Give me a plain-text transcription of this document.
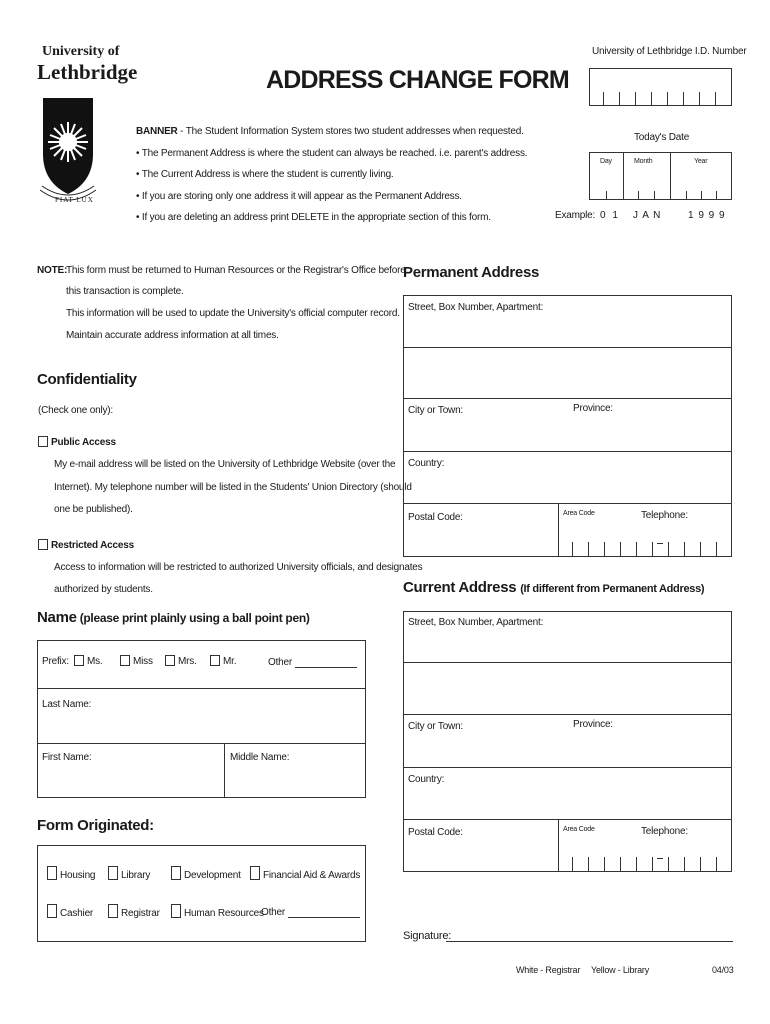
University of
Lethbridge
FIAT LUX
ADDRESS CHANGE FORM
University of Lethbridge I.D. Number
BANNER - The Student Information System stores two student addresses when requested.
• The Permanent Address is where the student can always be reached. i.e. parent's address.
• The Current Address is where the student is currently living.
• If you are storing only one address it will appear as the Permanent Address.
• If you are deleting an address print DELETE in the appropriate section of this form.
Today's Date
Day	Month	Year
Example: 0 1 J A N	1 9 9 9
NOTE:
This form must be returned to Human Resources or the Registrar's Office before
this transaction is complete.
This information will be used to update the University's official computer record.
Maintain accurate address information at all times.
Confidentiality
(Check one only):
Public Access
My e-mail address will be listed on the University of Lethbridge Website (over the
Internet). My telephone number will be listed in the Students' Union Directory (should
one be published).
Restricted Access
Access to information will be restricted to authorized University officials, and designates
authorized by students.
Name (please print plainly using a ball point pen)
Prefix:	Ms.	Miss	Mrs.	Mr.	Other
Last Name:
First Name:	Middle Name:
Form Originated:
Housing	Library	Development	Financial Aid & Awards
Cashier	Registrar	Human Resources
Other
Permanent Address
Street, Box Number, Apartment:
City or Town:	Province:
Country:
Postal Code:	Area Code	Telephone:
Current Address (If different from Permanent Address)
Street, Box Number, Apartment:
City or Town:	Province:
Country:
Postal Code:	Area Code	Telephone:
Signature:
White - Registrar Yellow - Library	04/03
